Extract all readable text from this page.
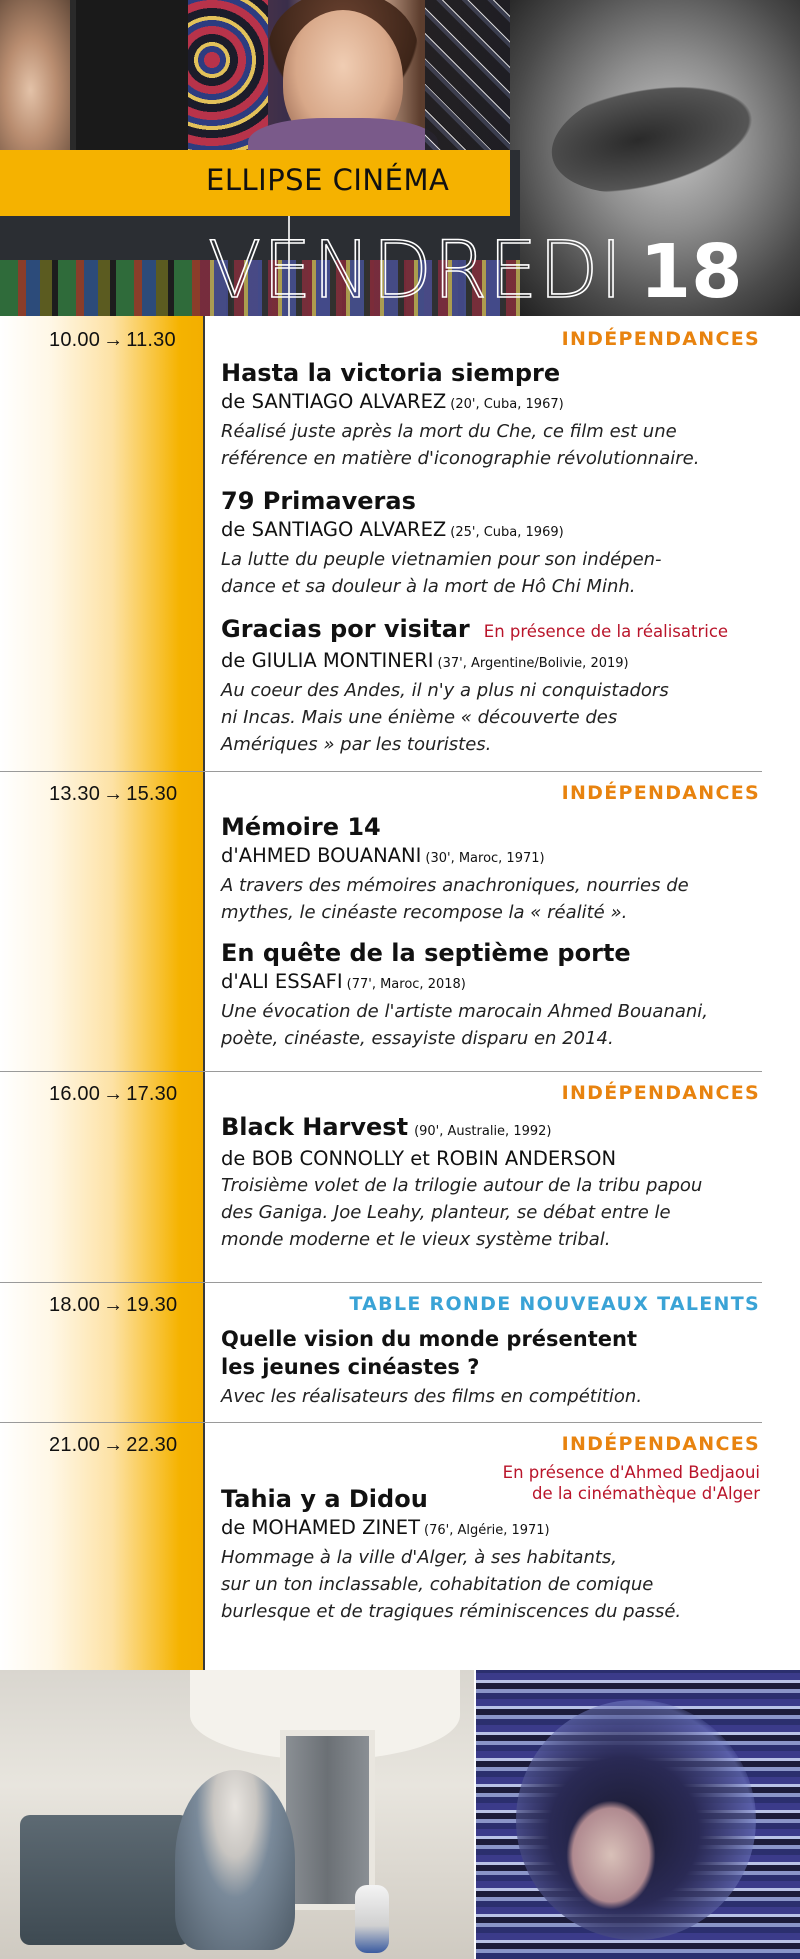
ELLIPSE CINÉMA
VENDREDI 18
10.00 → 11.30	INDÉPENDANCES
Hasta la victoria siempre
de SANTIAGO ALVAREZ (20', Cuba, 1967)
Réalisé juste après la mort du Che, ce film est une
référence en matière d'iconographie révolutionnaire.
79 Primaveras
de SANTIAGO ALVAREZ (25', Cuba, 1969)
La lutte du peuple vietnamien pour son indépen-
dance et sa douleur à la mort de Hô Chi Minh.
Gracias por visitar En présence de la réalisatrice
de GIULIA MONTINERI (37', Argentine/Bolivie, 2019)
Au coeur des Andes, il n'y a plus ni conquistadors
ni Incas. Mais une énième « découverte des
Amériques » par les touristes.
13.30 → 15.30	INDÉPENDANCES
Mémoire 14
d'AHMED BOUANANI (30', Maroc, 1971)
A travers des mémoires anachroniques, nourries de
mythes, le cinéaste recompose la « réalité ».
En quête de la septième porte
d'ALI ESSAFI (77', Maroc, 2018)
Une évocation de l'artiste marocain Ahmed Bouanani,
poète, cinéaste, essayiste disparu en 2014.
16.00 → 17.30	INDÉPENDANCES
Black Harvest (90', Australie, 1992)
de BOB CONNOLLY et ROBIN ANDERSON
Troisième volet de la trilogie autour de la tribu papou
des Ganiga. Joe Leahy, planteur, se débat entre le
monde moderne et le vieux système tribal.
18.00 → 19.30	TABLE RONDE NOUVEAUX TALENTS
Quelle vision du monde présentent
les jeunes cinéastes ?
Avec les réalisateurs des films en compétition.
21.00 → 22.30	INDÉPENDANCES
En présence d'Ahmed Bedjaoui
de la cinémathèque d'Alger
Tahia y a Didou
de MOHAMED ZINET (76', Algérie, 1971)
Hommage à la ville d'Alger, à ses habitants,
sur un ton inclassable, cohabitation de comique
burlesque et de tragiques réminiscences du passé.
